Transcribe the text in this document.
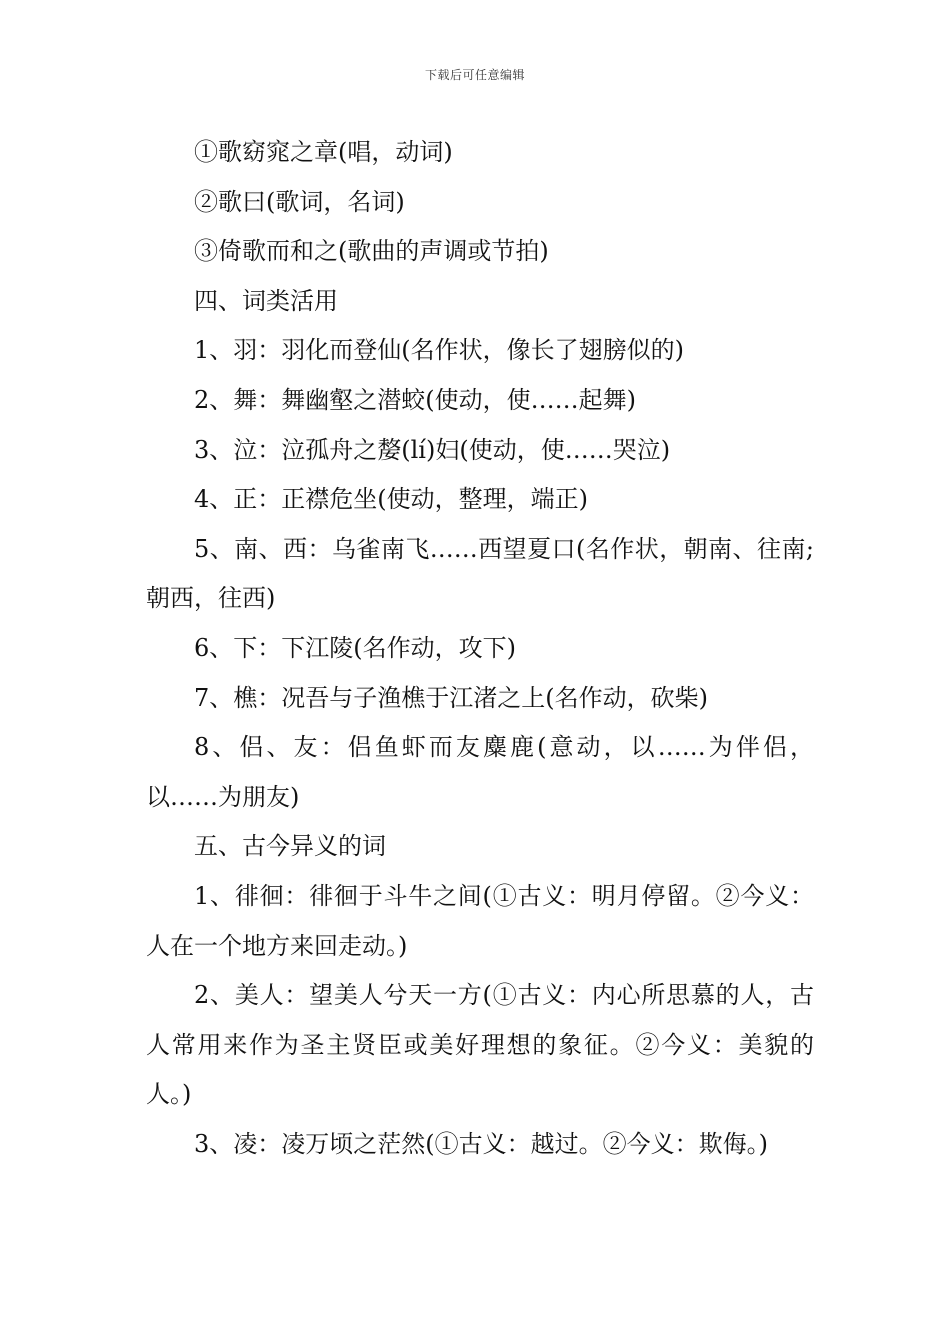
下载后可任意编辑

①歌窈窕之章(唱，动词)

②歌曰(歌词，名词)

③倚歌而和之(歌曲的声调或节拍)

四、词类活用

1、羽：羽化而登仙(名作状，像长了翅膀似的)

2、舞：舞幽壑之潜蛟(使动，使……起舞)

3、泣：泣孤舟之嫠(lí)妇(使动，使……哭泣)

4、正：正襟危坐(使动，整理，端正)

5、南、西：乌雀南飞……西望夏口(名作状，朝南、往南;朝西，往西)

6、下：下江陵(名作动，攻下)

7、樵：况吾与子渔樵于江渚之上(名作动，砍柴)

8、侣、友：侣鱼虾而友麋鹿(意动，以……为伴侣，以……为朋友)

五、古今异义的词

1、徘徊：徘徊于斗牛之间(①古义：明月停留。②今义：人在一个地方来回走动。)

2、美人：望美人兮天一方(①古义：内心所思慕的人，古人常用来作为圣主贤臣或美好理想的象征。②今义：美貌的人。)

3、凌：凌万顷之茫然(①古义：越过。②今义：欺侮。)
